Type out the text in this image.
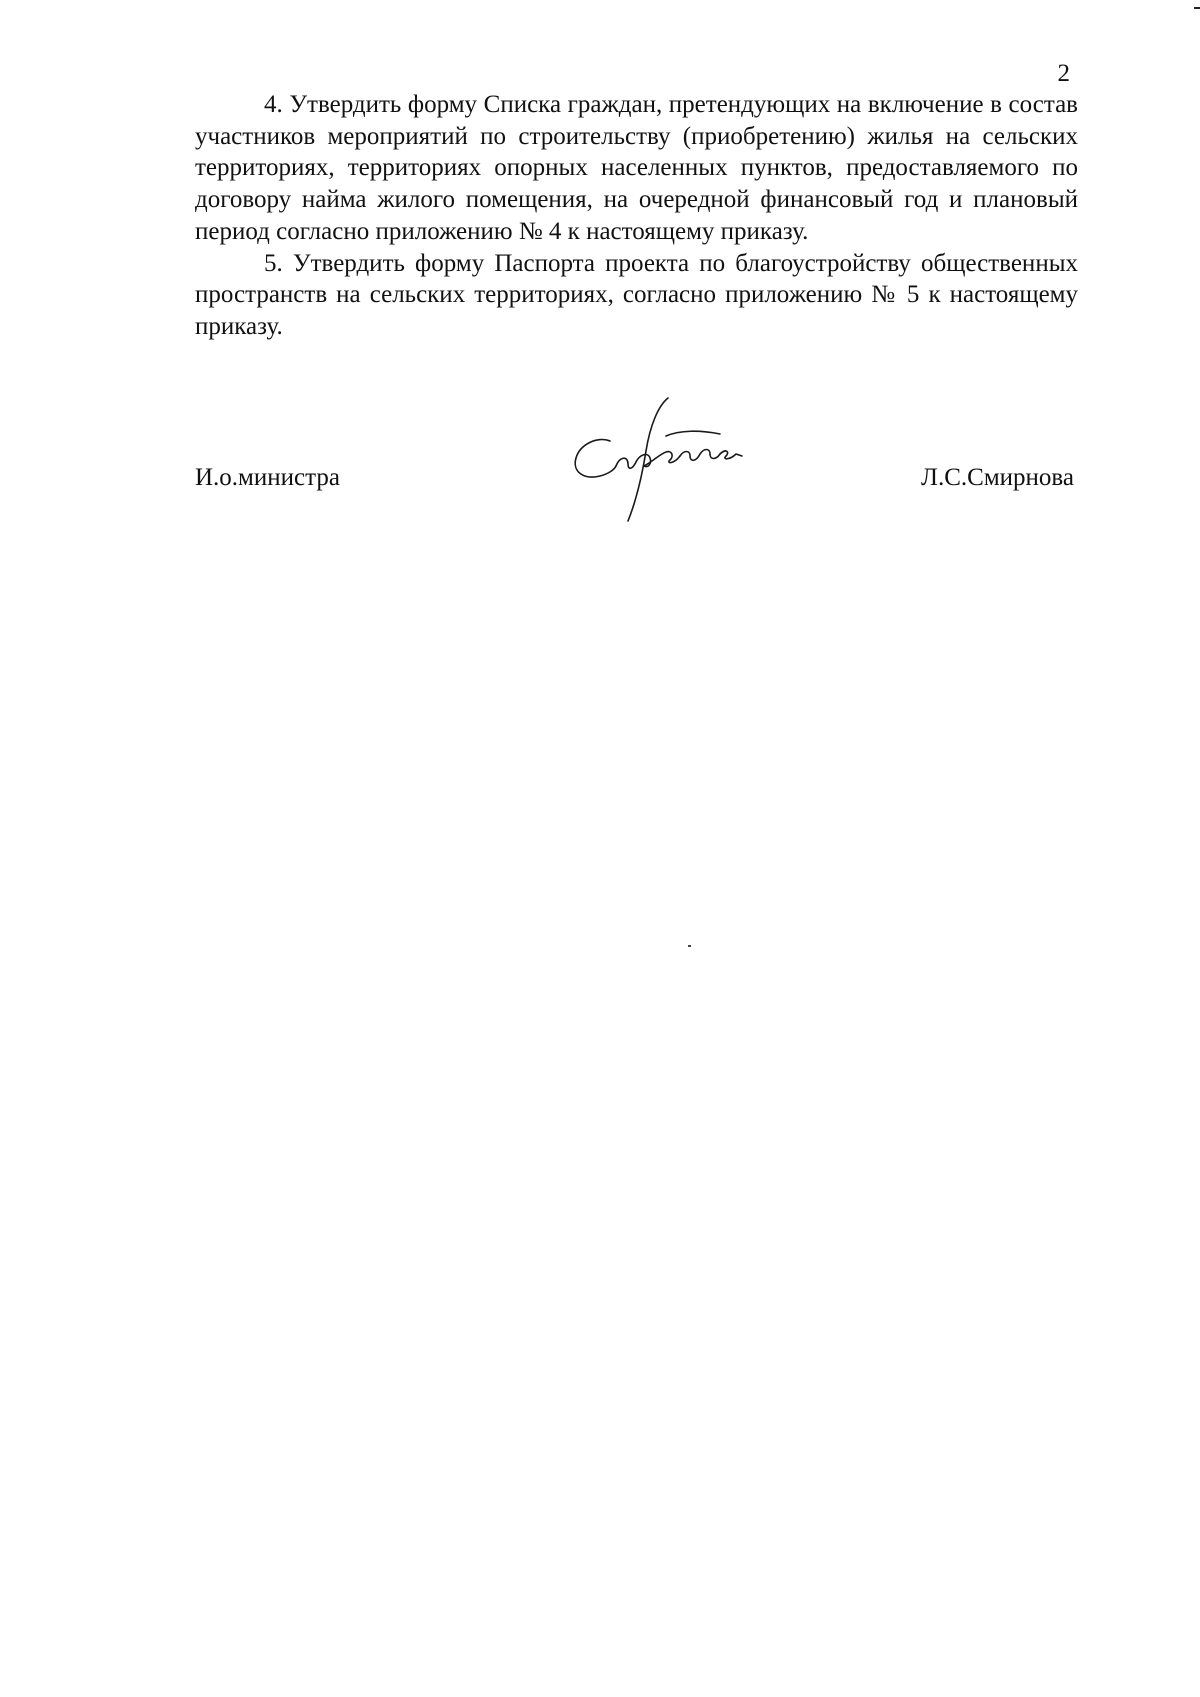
2

4. Утвердить форму Списка граждан, претендующих на включение в состав участников мероприятий по строительству (приобретению) жилья на сельских территориях, территориях опорных населенных пунктов, предоставляемого по договору найма жилого помещения, на очередной финансовый год и плановый период согласно приложению № 4 к настоящему приказу.

5. Утвердить форму Паспорта проекта по благоустройству общественных пространств на сельских территориях, согласно приложению № 5 к настоящему приказу.

И.о.министра	Л.С.Смирнова
